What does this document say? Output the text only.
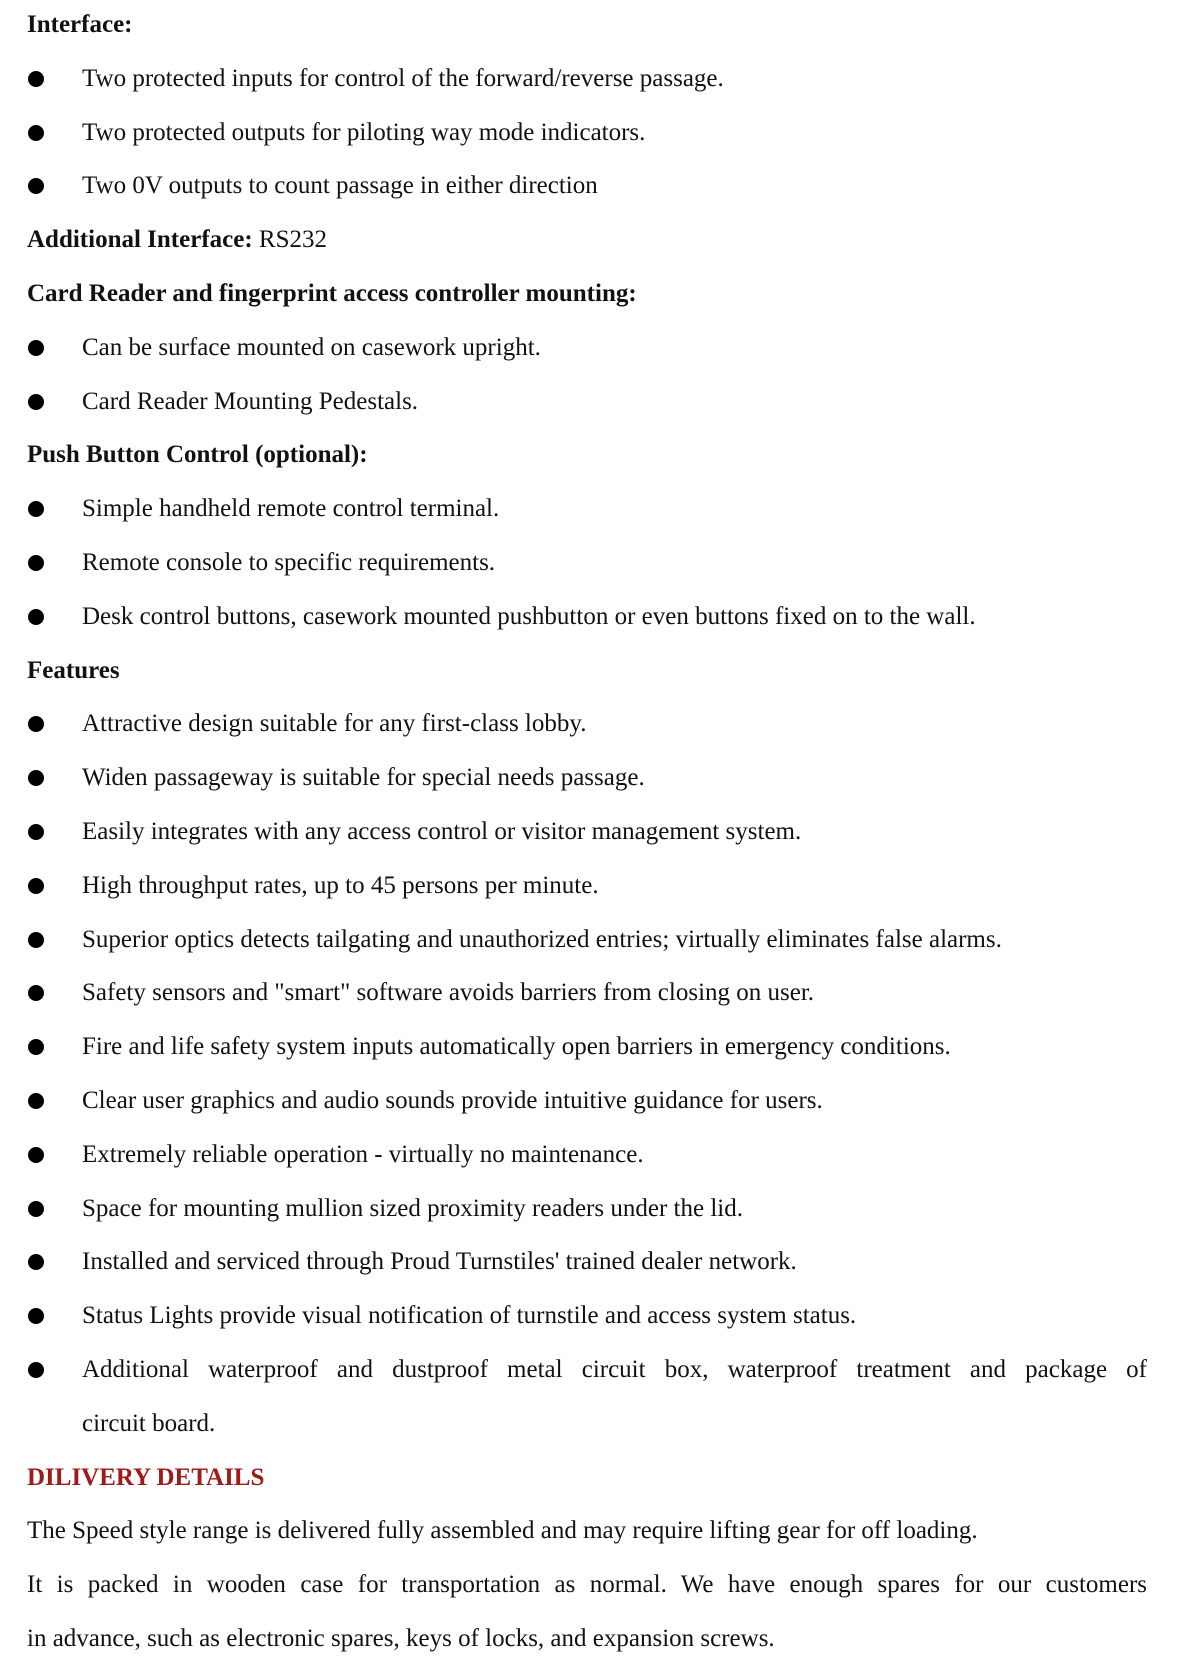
Interface:
Two protected inputs for control of the forward/reverse passage.
Two protected outputs for piloting way mode indicators.
Two 0V outputs to count passage in either direction
Additional Interface: RS232
Card Reader and fingerprint access controller mounting:
Can be surface mounted on casework upright.
Card Reader Mounting Pedestals.
Push Button Control (optional):
Simple handheld remote control terminal.
Remote console to specific requirements.
Desk control buttons, casework mounted pushbutton or even buttons fixed on to the wall.
Features
Attractive design suitable for any first-class lobby.
Widen passageway is suitable for special needs passage.
Easily integrates with any access control or visitor management system.
High throughput rates, up to 45 persons per minute.
Superior optics detects tailgating and unauthorized entries; virtually eliminates false alarms.
Safety sensors and "smart" software avoids barriers from closing on user.
Fire and life safety system inputs automatically open barriers in emergency conditions.
Clear user graphics and audio sounds provide intuitive guidance for users.
Extremely reliable operation - virtually no maintenance.
Space for mounting mullion sized proximity readers under the lid.
Installed and serviced through Proud Turnstiles' trained dealer network.
Status Lights provide visual notification of turnstile and access system status.
Additional waterproof and dustproof metal circuit box, waterproof treatment and package of
circuit board.
DILIVERY DETAILS
The Speed style range is delivered fully assembled and may require lifting gear for off loading.
It is packed in wooden case for transportation as normal. We have enough spares for our customers
in advance, such as electronic spares, keys of locks, and expansion screws.
